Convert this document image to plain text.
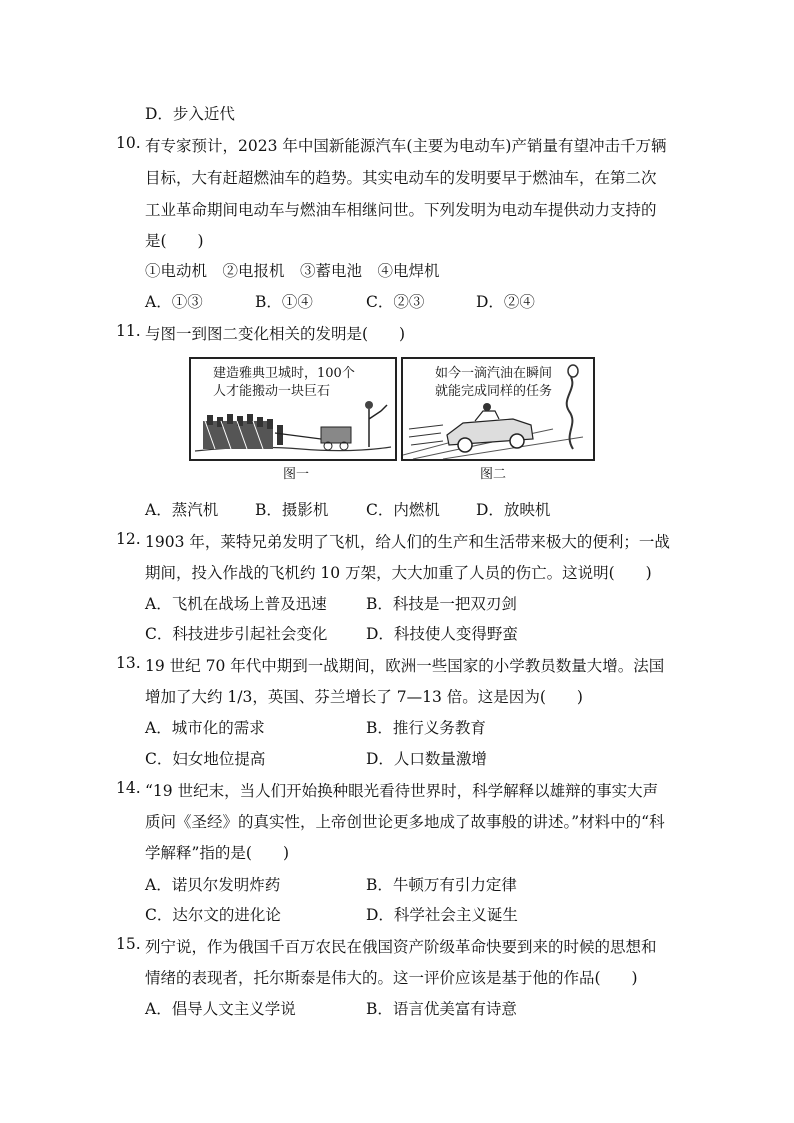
D．步入近代
10. 有专家预计，2023 年中国新能源汽车(主要为电动车)产销量有望冲击千万辆
目标，大有赶超燃油车的趋势。其实电动车的发明要早于燃油车，在第二次
工业革命期间电动车与燃油车相继问世。下列发明为电动车提供动力支持的
是(　　)
①电动机　②电报机　③蓄电池　④电焊机
A．①③	B．①④	C．②③	D．②④
11. 与图一到图二变化相关的发明是(　　)
建造雅典卫城时，100个
人才能搬动一块巨石
图一
如今一滴汽油在瞬间
就能完成同样的任务
图二
A．蒸汽机 B．摄影机 C．内燃机 D．放映机
12. 1903 年，莱特兄弟发明了飞机，给人们的生产和生活带来极大的便利；一战
期间，投入作战的飞机约 10 万架，大大加重了人员的伤亡。这说明(　　)
A．飞机在战场上普及迅速	B．科技是一把双刃剑
C．科技进步引起社会变化 D．科技使人变得野蛮
13. 19 世纪 70 年代中期到一战期间，欧洲一些国家的小学教员数量大增。法国
增加了大约 1/3，英国、芬兰增长了 7—13 倍。这是因为(　　)
A．城市化的需求	B．推行义务教育
C．妇女地位提高	D．人口数量激增
14. “19 世纪末，当人们开始换种眼光看待世界时，科学解释以雄辩的事实大声
质问《圣经》的真实性，上帝创世论更多地成了故事般的讲述。”材料中的“科
学解释”指的是(　　)
A．诺贝尔发明炸药	B．牛顿万有引力定律
C．达尔文的进化论	D．科学社会主义诞生
15. 列宁说，作为俄国千百万农民在俄国资产阶级革命快要到来的时候的思想和
情绪的表现者，托尔斯泰是伟大的。这一评价应该是基于他的作品(　　)
A．倡导人文主义学说	B．语言优美富有诗意
